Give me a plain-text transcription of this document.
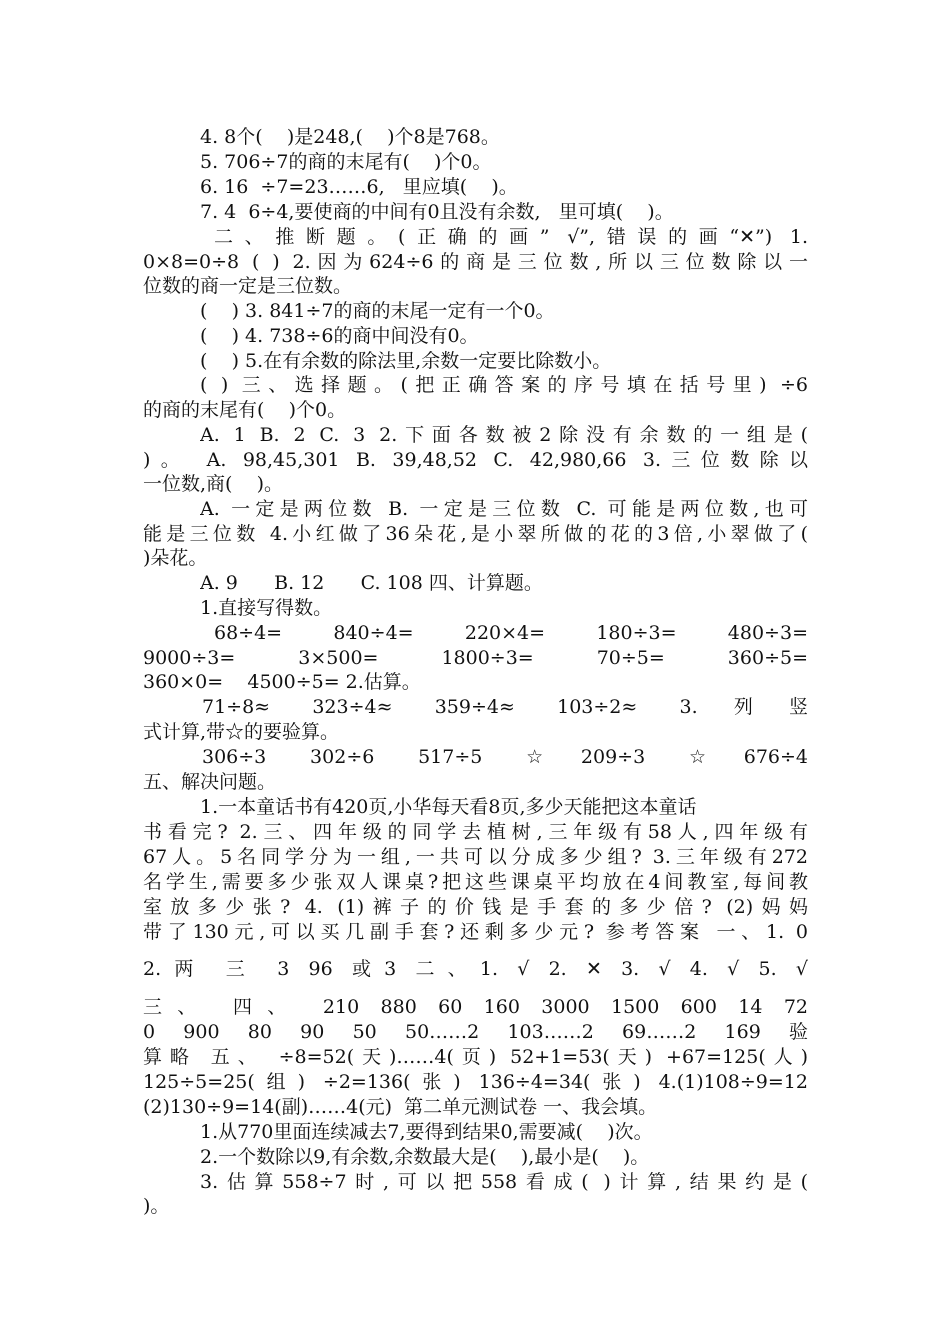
4. 8个(    )是248,(    )个8是768。
5. 706÷7的商的末尾有(    )个0。
6. 16  ÷7=23……6,   里应填(    )。
7. 4  6÷4,要使商的中间有0且没有余数,   里可填(    )。
二、推断题。(正确的画” √”,错误的画“✕”) 1.
0×8=0÷8 ( ) 2.因为624÷6的商是三位数,所以三位数除以一
位数的商一定是三位数。
(    ) 3. 841÷7的商的末尾一定有一个0。
(    ) 4. 738÷6的商中间没有0。
(    ) 5.在有余数的除法里,余数一定要比除数小。
( ) 三、选择题。(把正确答案的序号填在括号里) ÷6
的商的末尾有(    )个0。
A. 1 B. 2 C. 3 2.下面各数被2除没有余数的一组是(
)。 A. 98,45,301 B. 39,48,52 C. 42,980,66 3.三位数除以
一位数,商(    )。
A. 一定是两位数 B. 一定是三位数 C. 可能是两位数,也可
能是三位数 4.小红做了36朵花,是小翠所做的花的3倍,小翠做了(
)朵花。
A. 9      B. 12      C. 108 四、计算题。
1.直接写得数。
68÷4= 840÷4= 220×4= 180÷3= 480÷3=
9000÷3= 3×500= 1800÷3= 70÷5= 360÷5=
360×0=    4500÷5= 2.估算。
71÷8≈ 323÷4≈ 359÷4≈ 103÷2≈ 3.列竖
式计算,带☆的要验算。
306÷3 302÷6 517÷5 ☆209÷3 ☆676÷4
五、解决问题。
1.一本童话书有420页,小华每天看8页,多少天能把这本童话
书看完? 2.三、四年级的同学去植树,三年级有58人,四年级有
67人。5名同学分为一组,一共可以分成多少组? 3.三年级有272
名学生,需要多少张双人课桌?把这些课桌平均放在4间教室,每间教
室放多少张? 4. (1)裤子的价钱是手套的多少倍? (2)妈妈
带了130元,可以买几副手套?还剩多少元? 参考答案 一、1. 0
2.两 三 3 96 或3 二、1. √ 2. ✕ 3. √ 4. √ 5. √
三、 四、 210 880 60 160 3000 1500 600 14 72
0 900 80 90 50 50……2 103……2 69……2 169 验
算略 五、 ÷8=52(天)……4(页) 52+1=53(天) +67=125(人)
125÷5=25(组) ÷2=136(张) 136÷4=34(张) 4.(1)108÷9=12
(2)130÷9=14(副)……4(元)  第二单元测试卷 一、我会填。
1.从770里面连续减去7,要得到结果0,需要减(    )次。
2.一个数除以9,有余数,余数最大是(    ),最小是(    )。
3.估算558÷7时,可以把558看成( )计算,结果约是(
)。
